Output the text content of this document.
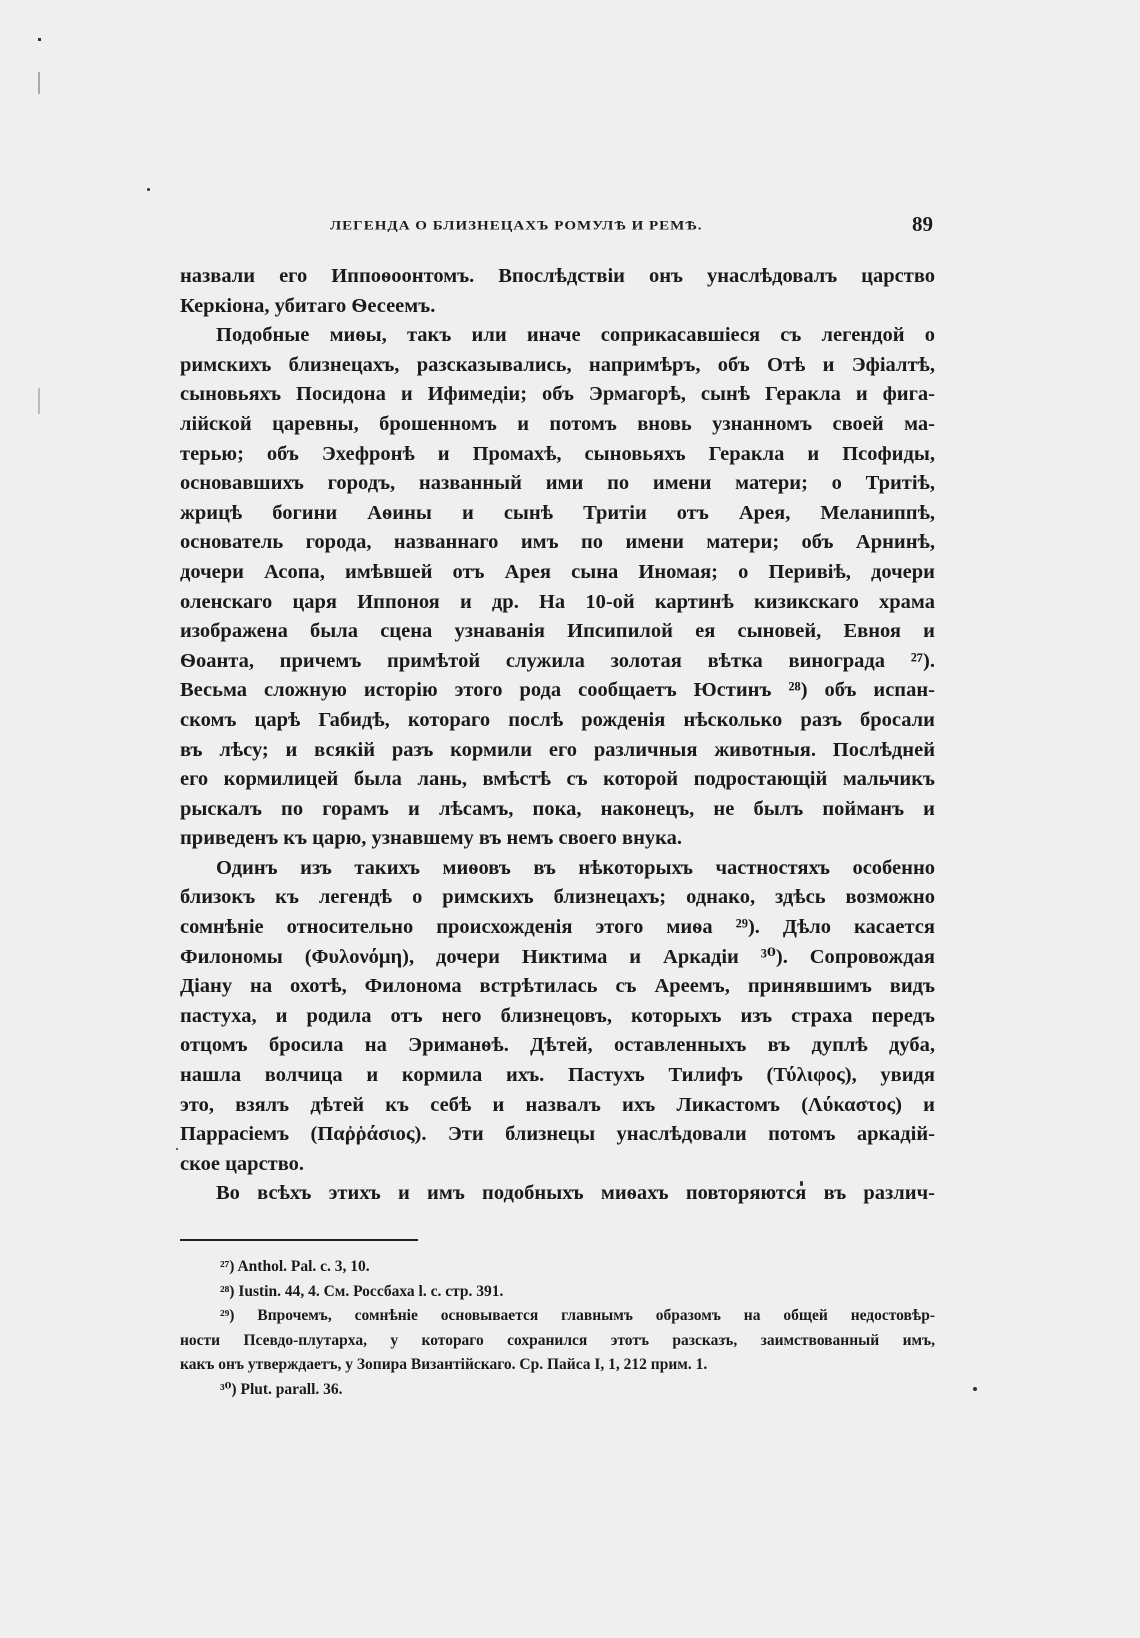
ЛЕГЕНДА О БЛИЗНЕЦАХЪ РОМУЛѢ И РЕМѢ.	89
назвали его Иппоѳоонтомъ. Впослѣдствіи онъ унаслѣдовалъ царство
Керкіона, убитаго Ѳесеемъ.
Подобные миѳы, такъ или иначе соприкасавшіеся съ легендой о
римскихъ близнецахъ, разсказывались, напримѣръ, объ Отѣ и Эфіалтѣ,
сыновьяхъ Посидона и Ифимедіи; объ Эрмагорѣ, сынѣ Геракла и фига-
лійской царевны, брошенномъ и потомъ вновь узнанномъ своей ма-
терью; объ Эхефронѣ и Промахѣ, сыновьяхъ Геракла и Псофиды,
основавшихъ городъ, названный ими по имени матери; о Тритіѣ,
жрицѣ богини Аѳины и сынѣ Тритіи отъ Арея, Меланиппѣ,
основатель города, названнаго имъ по имени матери; объ Арнинѣ,
дочери Асопа, имѣвшей отъ Арея сына Иномая; о Перивіѣ, дочери
оленскаго царя Иппоноя и др. На 10-ой картинѣ кизикскаго храма
изображена была сцена узнаванія Ипсипилой ея сыновей, Евноя и
Ѳоанта, причемъ примѣтой служила золотая вѣтка винограда ²⁷).
Весьма сложную исторію этого рода сообщаетъ Юстинъ ²⁸) объ испан-
скомъ царѣ Габидѣ, котораго послѣ рожденія нѣсколько разъ бросали
въ лѣсу; и всякій разъ кормили его различныя животныя. Послѣдней
его кормилицей была лань, вмѣстѣ съ которой подростающій мальчикъ
рыскалъ по горамъ и лѣсамъ, пока, наконецъ, не былъ пойманъ и
приведенъ къ царю, узнавшему въ немъ своего внука.
Одинъ изъ такихъ миѳовъ въ нѣкоторыхъ частностяхъ особенно
близокъ къ легендѣ о римскихъ близнецахъ; однако, здѣсь возможно
сомнѣніе относительно происхожденія этого миѳа ²⁹). Дѣло касается
Филономы (Φυλονόμη), дочери Никтима и Аркадіи ³⁰). Сопровождая
Діану на охотѣ, Филонома встрѣтилась съ Ареемъ, принявшимъ видъ
пастуха, и родила отъ него близнецовъ, которыхъ изъ страха передъ
отцомъ бросила на Эриманѳѣ. Дѣтей, оставленныхъ въ дуплѣ дуба,
нашла волчица и кормила ихъ. Пастухъ Тилифъ (Τύλιφος), увидя
это, взялъ дѣтей къ себѣ и назвалъ ихъ Ликастомъ (Λύκαστος) и
Паррасіемъ (Παῤῥάσιος). Эти близнецы унаслѣдовали потомъ аркадій-
ское царство.
Во всѣхъ этихъ и имъ подобныхъ миѳахъ повторяются въ различ-
²⁷) Anthol. Pal. c. 3, 10.
²⁸) Iustin. 44, 4. См. Россбаха l. с. стр. 391.
²⁹) Впрочемъ, сомнѣніе основывается главнымъ образомъ на общей недостовѣр-
ности Псевдо-плутарха, у котораго сохранился этотъ разсказъ, заимствованный имъ,
какъ онъ утверждаетъ, у Зопира Византійскаго. Ср. Пайса I, 1, 212 прим. 1.
³⁰) Plut. parall. 36.
